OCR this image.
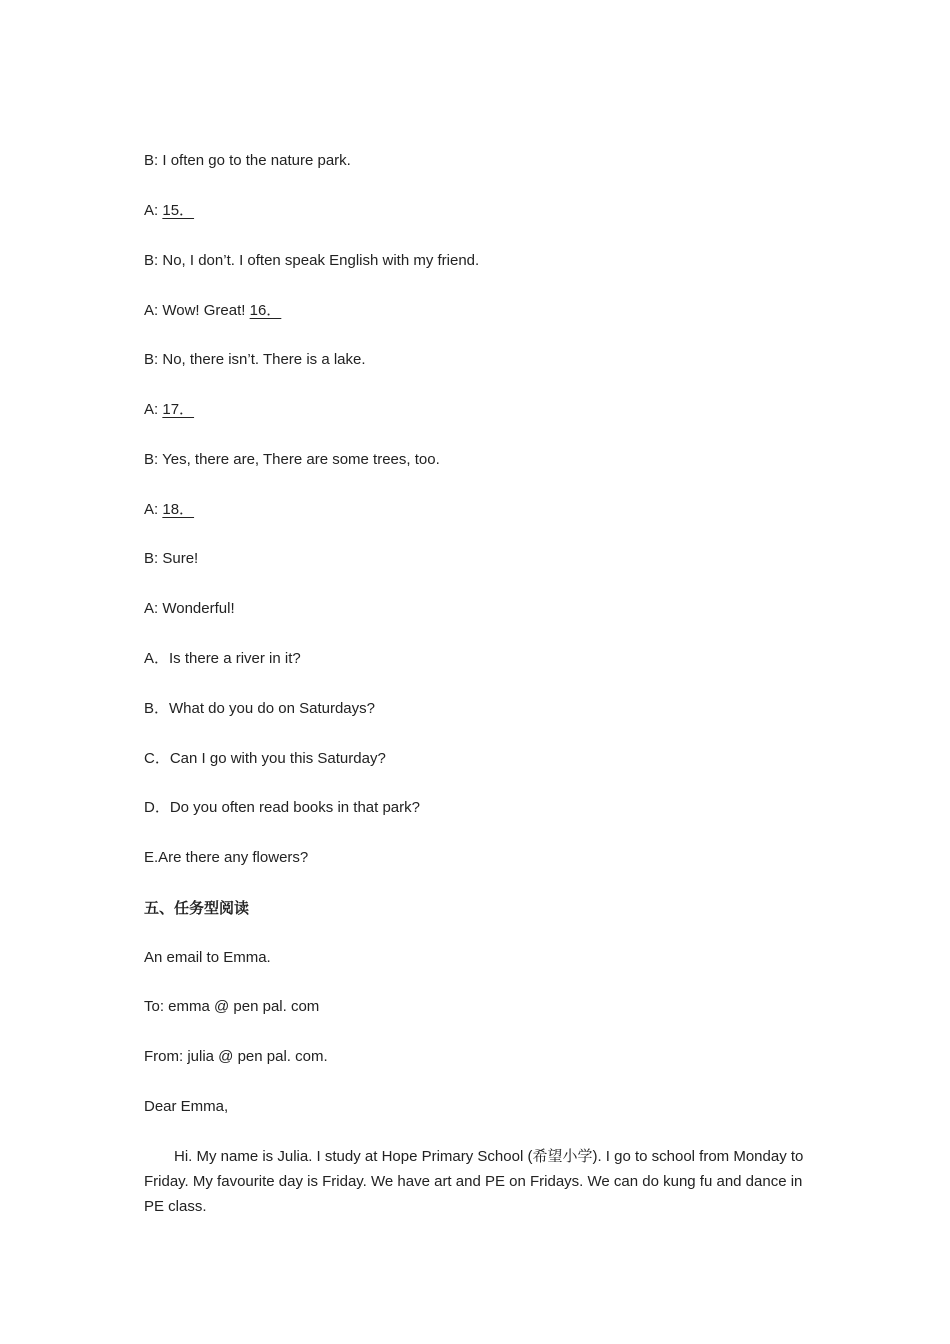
B: I often go to the nature park.
A: 15．
B: No, I don’t. I often speak English with my friend.
A: Wow! Great! 16．
B: No, there isn’t. There is a lake.
A: 17．
B: Yes, there are, There are some trees, too.
A: 18．
B: Sure!
A: Wonderful!
A．Is there a river in it?
B．What do you do on Saturdays?
C．Can I go with you this Saturday?
D．Do you often read books in that park?
E.Are there any flowers?
五、任务型阅读
An email to Emma.
To: emma @ pen pal. com
From: julia @ pen pal. com.
Dear Emma,
Hi. My name is Julia. I study at Hope Primary School (希望小学). I go to school from Monday to Friday. My favourite day is Friday. We have art and PE on Fridays. We can do kung fu and dance in PE class.
